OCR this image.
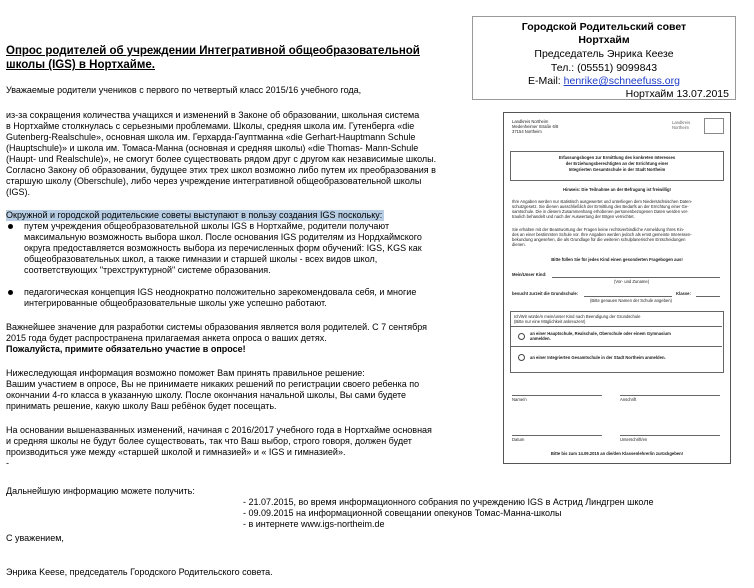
Городской Родительский совет
Нортхайм
Председатель Энрика Кеезе
Тел.: (05551) 9099843
E-Mail: henrike@schneefuss.org
Нортхайм 13.07.2015
Опрос родителей об учреждении Интегративной общеобразовательной
школы (IGS) в Нортхайме.
Уважаемые родители учеников с первого по четвертый класс 2015/16 учебного года,
из-за сокращения количества учащихся и изменений в Законе об образовании, школьная система
в Нортхайме столкнулась с серьезными проблемами. Школы, средняя школа им. Гутенберга «die
Gutenberg-Realschule», основная школа им. Герхарда-Гауптманна «die Gerhart-Hauptmann Schule
(Hauptschule)» и школа им. Томаса-Манна (основная и средняя школы) «die Thomas- Mann-Schule
(Haupt- und Realschule)», не смогут более существовать рядом друг с другом как независимые школы.
Согласно Закону об образовании, будущее этих трех школ возможно либо путем их преобразования в
старшую школу (Oberschule), либо через учреждение интегративной общеобразовательной школы
(IGS).
Окружной и городской родительские советы выступают в пользу создания IGS поскольку:
путем учреждения общеобразовательной школы IGS в Нортхайме, родители получают
максимальную возможность выбора школ. После основания IGS родителям из Нордхаймского
округа предоставляется возможность выбора из перечисленных форм обучений: IGS, KGS как
общеобразовательных школ, а также гимназии и старшей школы - всех видов школ,
соответствующих "трехструктурной" системе образования.
педагогическая концепция IGS неоднократно положительно зарекомендовала себя, и многие
интегрированные общеобразовательные школы уже успешно работают.
Важнейшее значение для разработки системы образования является воля родителей. С 7 сентября
2015 года будет распространена прилагаемая анкета опроса о ваших детях.
Пожалуйста, примите обязательно участие в опросе!
Нижеследующая информация возможно поможет Вам принять правильное решение:
Вашим участием в опросе, Вы не принимаете никаких решений по регистрации своего ребенка по
окончании 4-го класса в указанную школу. После окончания начальной школы, Вы сами будете
принимать решение, какую школу Ваш ребёнок будет посещать.
На основании вышеназванных изменений, начиная с 2016/2017 учебного года в Нортхайме основная
и средняя школы не будут более существовать, так что Ваш выбор, строго говоря, должен будет
производиться уже между «старшей школой и гимназией» и « IGS и гимназией».
-
Дальнейшую информацию можете получить:
- 21.07.2015, во время информационного собрания по учреждению IGS в Астрид Линдгрен школе
- 09.09.2015 на информационной совещании опекунов Томас-Манна-школы
- в интернете www.igs-northeim.de
С уважением,
Энрика Keese, председатель Городского Родительского совета.
Landkreis Northeim
Medenheimer Straße 6/8
37154 Northeim
Landkreis
Northeim
Erfassungsbogen zur Ermittlung des konkreten Interesses
der Erziehungsberechtigten an der Errichtung einer
Integrierten Gesamtschule in der Stadt Northeim
Hinweis: Die Teilnahme an der Befragung ist freiwillig!
Ihre Angaben werden nur statistisch ausgewertet und unterliegen dem Niedersächsischen Daten-
schutzgesetz. Sie dienen ausschließlich der Ermittlung des Bedarfs an der Errichtung einer Ge-
samtschule. Die in diesem Zusammenhang erhobenen personenbezogenen Daten werden ver-
traulich behandelt und nach der Auswertung der Bögen vernichtet.
Sie erhalten mit der Beantwortung der Fragen keine rechtsverbindliche Anmeldung Ihres Kin-
des an einer bestimmten Schule vor. Ihre Angaben werden jedoch als ernst gemeinte Interessen-
bekundung angesehen, die als Grundlage für die weiteren schulplanerischen Entscheidungen
dienen.
Bitte füllen Sie für jedes Kind einen gesonderten Fragebogen aus!
Mein/Unser Kind:
(Vor- und Zuname)
besucht zurzeit die Grundschule:	Klasse:
(Bitte genauen Namen der Schule angeben)
Ich/Wir würde/n mein/unser Kind nach Beendigung der Grundschule
(Bitte nur eine Möglichkeit ankreuzen!)
an einer Hauptschule, Realschule, Oberschule oder einem Gymnasium
anmelden.
an einer Integrierten Gesamtschule in der Stadt Northeim anmelden.
Name/n	Anschrift
Datum	Unterschrift/en
Bitte bis zum 14.09.2015 an die/den Klassenlehrer/in zurückgeben!
